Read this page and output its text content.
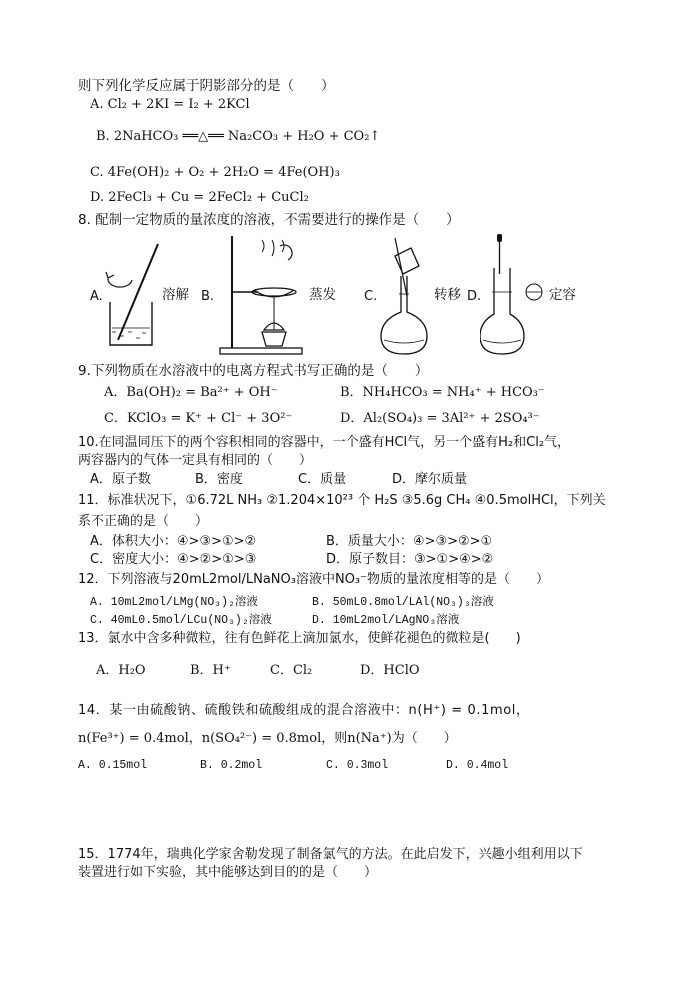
则下列化学反应属于阴影部分的是（　　）
A. Cl₂ + 2KI = I₂ + 2KCl
B. 2NaHCO₃ ══△══ Na₂CO₃ + H₂O + CO₂↑
C. 4Fe(OH)₂ + O₂ + 2H₂O = 4Fe(OH)₃
D. 2FeCl₃ + Cu = 2FeCl₂ + CuCl₂
8. 配制一定物质的量浓度的溶液，不需要进行的操作是（　　）
A.	溶解 B.	蒸发 C.	转移 D.	定容
9.下列物质在水溶液中的电离方程式书写正确的是（　　）
A．Ba(OH)₂ = Ba²⁺ + OH⁻	B．NH₄HCO₃ = NH₄⁺ + HCO₃⁻
C．KClO₃ = K⁺ + Cl⁻ + 3O²⁻	D．Al₂(SO₄)₃ = 3Al²⁺ + 2SO₄³⁻
10.在同温同压下的两个容积相同的容器中，一个盛有HCl气，另一个盛有H₂和Cl₂气，
两容器内的气体一定具有相同的（　　）
A．原子数	B．密度	C．质量	D．摩尔质量
11．标准状况下，①6.72L NH₃ ②1.204×10²³ 个 H₂S ③5.6g CH₄ ④0.5molHCl，下列关
系不正确的是（　　）
A．体积大小：④>③>①>②	B．质量大小：④>③>②>①
C．密度大小：④>②>①>③	D．原子数目：③>①>④>②
12．下列溶液与20mL2mol/LNaNO₃溶液中NO₃⁻物质的量浓度相等的是（　　）
A. 10mL2mol/LMg(NO₃)₂溶液	B. 50mL0.8mol/LAl(NO₃)₃溶液
C. 40mL0.5mol/LCu(NO₃)₂溶液	D. 10mL2mol/LAgNO₃溶液
13．氯水中含多种微粒，往有色鲜花上滴加氯水，使鲜花褪色的微粒是(　　)
A．H₂O	B．H⁺	C．Cl₂	D．HClO
14．某一由硫酸钠、硫酸铁和硫酸组成的混合溶液中：n(H⁺) = 0.1mol，
n(Fe³⁺) = 0.4mol，n(SO₄²⁻) = 0.8mol，则n(Na⁺)为（　　）
A. 0.15mol	B. 0.2mol	C. 0.3mol	D. 0.4mol
15．1774年，瑞典化学家舍勒发现了制备氯气的方法。在此启发下，兴趣小组利用以下
装置进行如下实验，其中能够达到目的的是（　　）
